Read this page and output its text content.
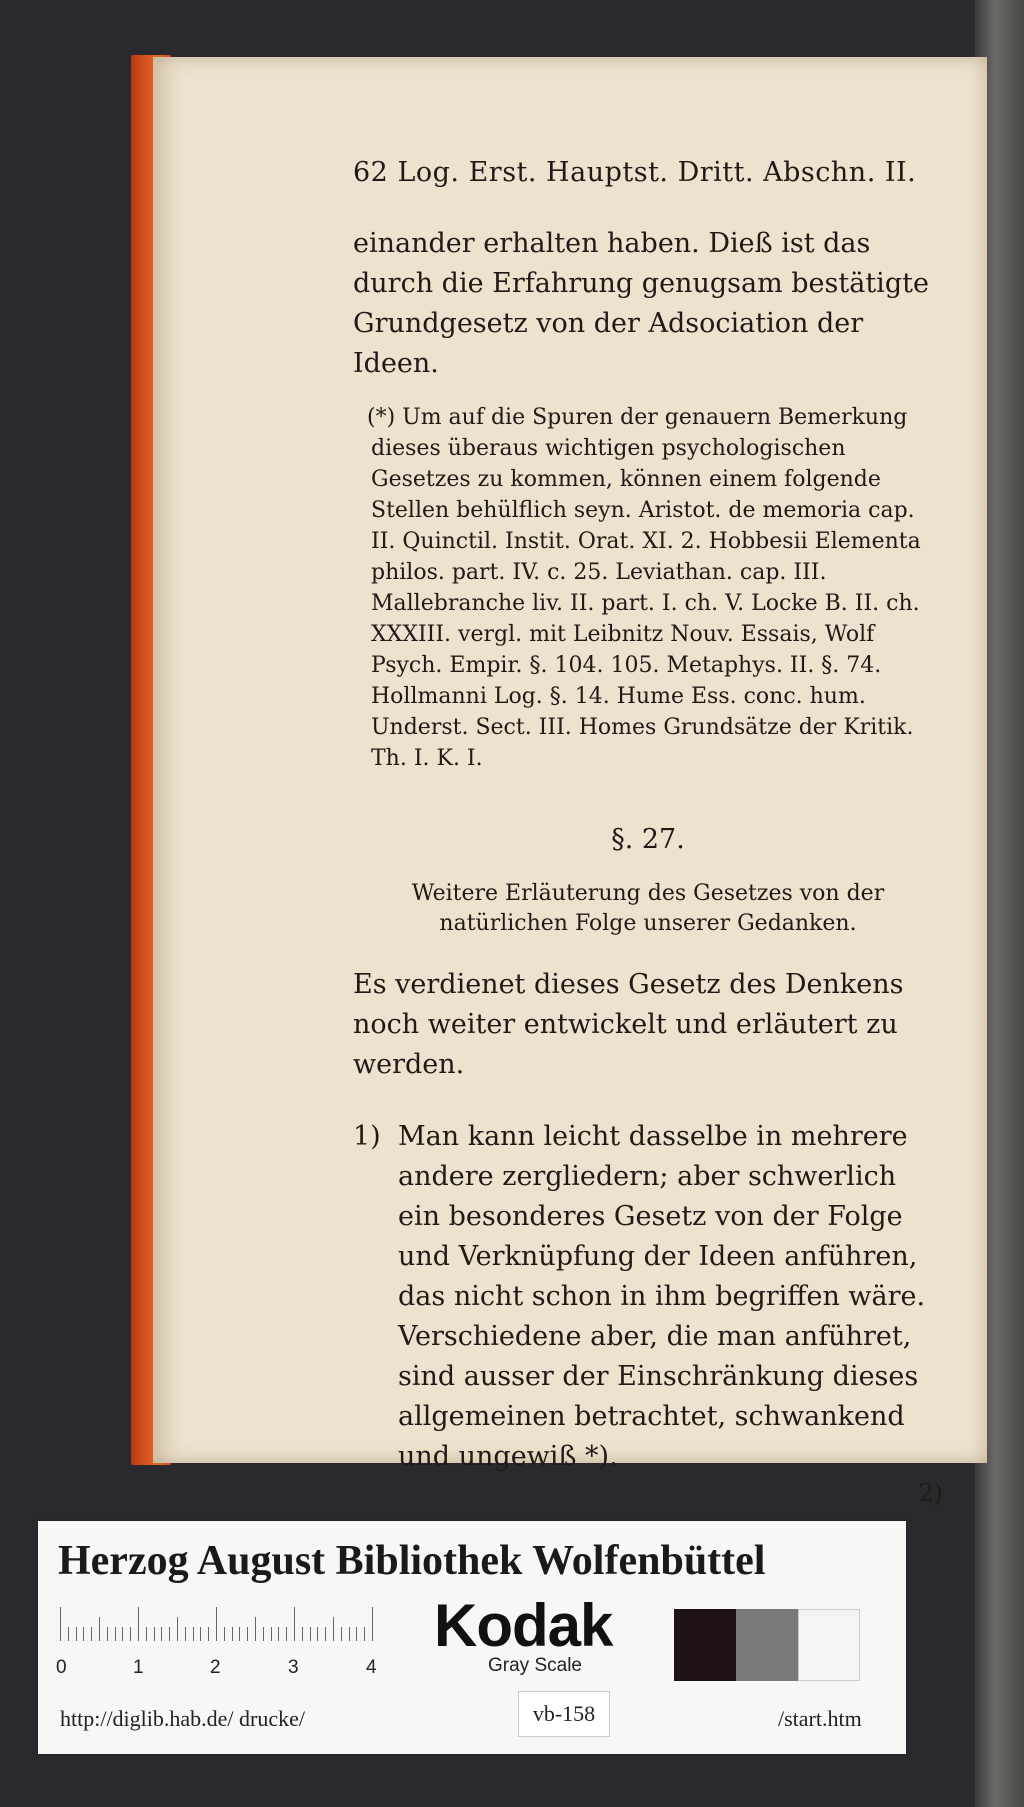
62 Log. Erst. Hauptst. Dritt. Abschn. II.

einander erhalten haben. Dieß ist das durch die Erfahrung genugsam bestätigte Grundgesetz von der Adsociation der Ideen.

(*) Um auf die Spuren der genauern Bemerkung dieses überaus wichtigen psychologischen Gesetzes zu kommen, können einem folgende Stellen behülflich seyn. Aristot. de memoria cap. II. Quinctil. Instit. Orat. XI. 2. Hobbesii Elementa philos. part. IV. c. 25. Leviathan. cap. III. Mallebranche liv. II. part. I. ch. V. Locke B. II. ch. XXXIII. vergl. mit Leibnitz Nouv. Essais, Wolf Psych. Empir. §. 104. 105. Metaphys. II. §. 74. Hollmanni Log. §. 14. Hume Ess. conc. hum. Underst. Sect. III. Homes Grundsätze der Kritik. Th. I. K. I.

§. 27.
Weitere Erläuterung des Gesetzes von der natürlichen Folge unserer Gedanken.

Es verdienet dieses Gesetz des Denkens noch weiter entwickelt und erläutert zu werden.

1) Man kann leicht dasselbe in mehrere andere zergliedern; aber schwerlich ein besonderes Gesetz von der Folge und Verknüpfung der Ideen anführen, das nicht schon in ihm begriffen wäre. Verschiedene aber, die man anführet, sind ausser der Einschränkung dieses allgemeinen betrachtet, schwankend und ungewiß *).
2)
Herzog August Bibliothek Wolfenbüttel
0	1	2	3	4
Kodak
Gray Scale
http://diglib.hab.de/ drucke/	vb-158	/start.htm
